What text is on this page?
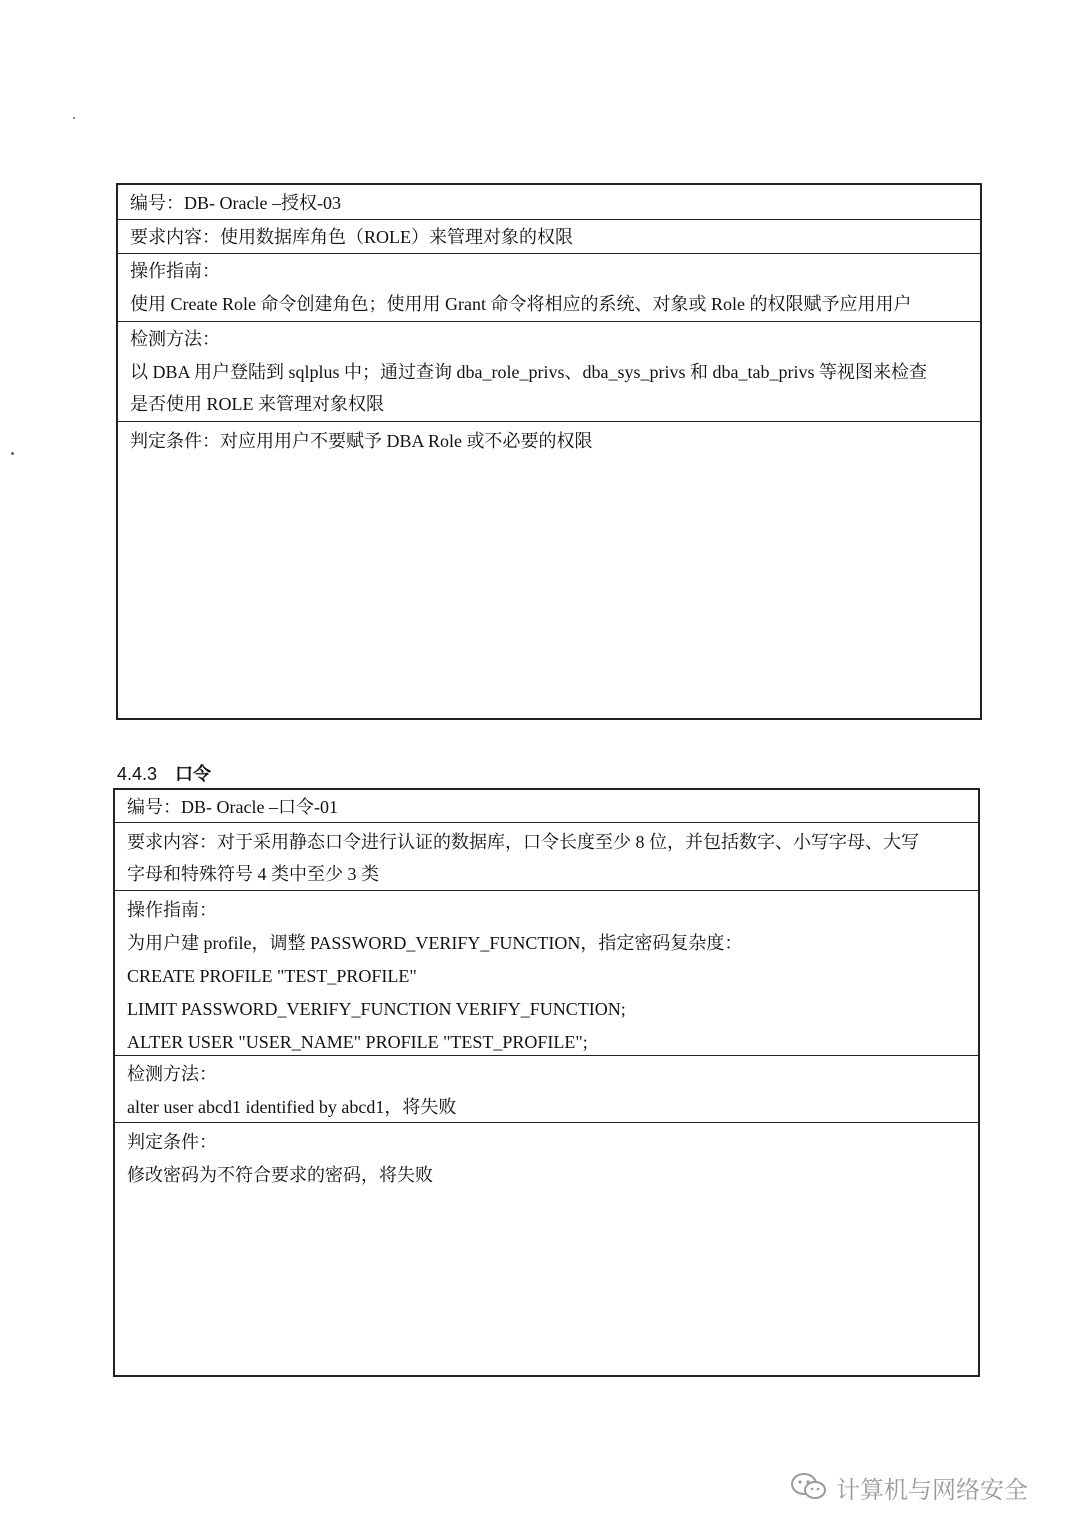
编号：DB- Oracle –授权-03
要求内容：使用数据库角色（ROLE）来管理对象的权限
操作指南：
使用 Create Role 命令创建角色；使用用 Grant 命令将相应的系统、对象或 Role 的权限赋予应用用户
检测方法：
以 DBA 用户登陆到 sqlplus 中；通过查询 dba_role_privs、dba_sys_privs 和 dba_tab_privs 等视图来检查
是否使用 ROLE 来管理对象权限
判定条件：对应用用户不要赋予 DBA Role 或不必要的权限
4.4.3 口令
编号：DB- Oracle –口令-01
要求内容：对于采用静态口令进行认证的数据库，口令长度至少 8 位，并包括数字、小写字母、大写
字母和特殊符号 4 类中至少 3 类
操作指南：
为用户建 profile，调整 PASSWORD_VERIFY_FUNCTION，指定密码复杂度：
CREATE PROFILE "TEST_PROFILE"
LIMIT PASSWORD_VERIFY_FUNCTION VERIFY_FUNCTION;
ALTER USER "USER_NAME" PROFILE "TEST_PROFILE";
检测方法：
alter user abcd1 identified by abcd1，将失败
判定条件：
修改密码为不符合要求的密码，将失败
计算机与网络安全
